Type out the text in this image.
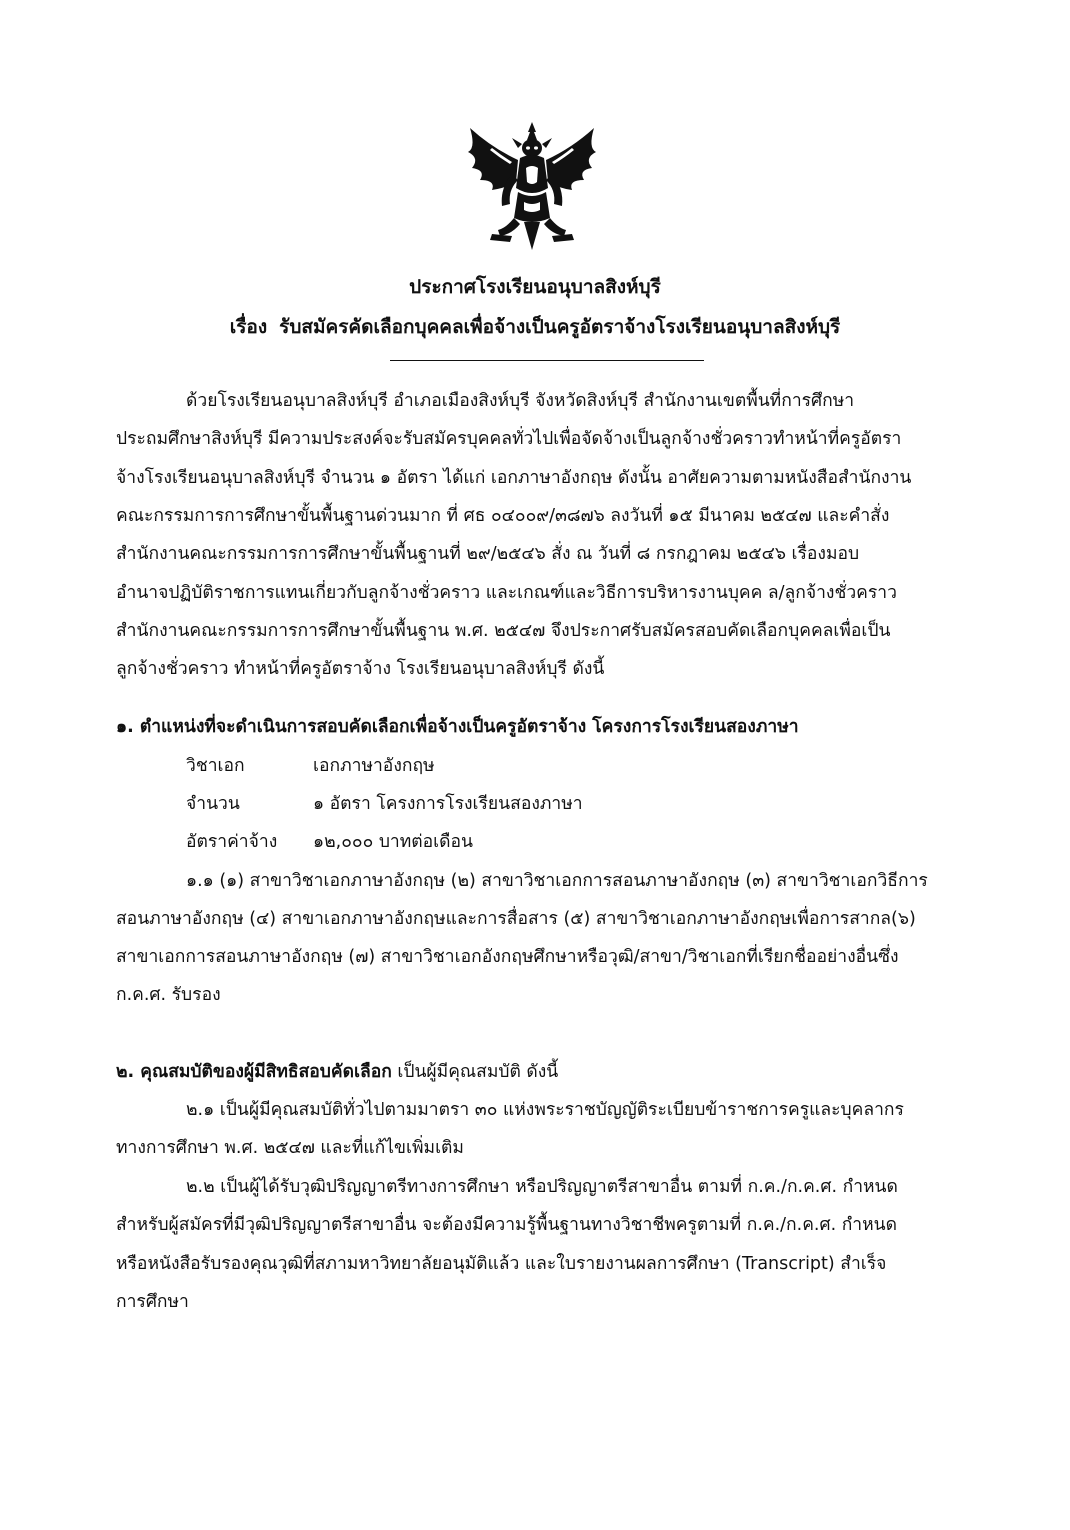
ประกาศโรงเรียนอนุบาลสิงห์บุรี
เรื่อง รับสมัครคัดเลือกบุคคลเพื่อจ้างเป็นครูอัตราจ้างโรงเรียนอนุบาลสิงห์บุรี
ด้วยโรงเรียนอนุบาลสิงห์บุรี อำเภอเมืองสิงห์บุรี จังหวัดสิงห์บุรี สำนักงานเขตพื้นที่การศึกษา
ประถมศึกษาสิงห์บุรี มีความประสงค์จะรับสมัครบุคคลทั่วไปเพื่อจัดจ้างเป็นลูกจ้างชั่วคราวทำหน้าที่ครูอัตรา
จ้างโรงเรียนอนุบาลสิงห์บุรี จำนวน ๑ อัตรา ได้แก่ เอกภาษาอังกฤษ ดังนั้น อาศัยความตามหนังสือสำนักงาน
คณะกรรมการการศึกษาขั้นพื้นฐานด่วนมาก ที่ ศธ ๐๔๐๐๙/๓๘๗๖ ลงวันที่ ๑๕ มีนาคม ๒๕๔๗ และคำสั่ง
สำนักงานคณะกรรมการการศึกษาขั้นพื้นฐานที่ ๒๙/๒๕๔๖ สั่ง ณ วันที่ ๘ กรกฎาคม ๒๕๔๖ เรื่องมอบ
อำนาจปฏิบัติราชการแทนเกี่ยวกับลูกจ้างชั่วคราว และเกณฑ์และวิธีการบริหารงานบุคค ล/ลูกจ้างชั่วคราว
สำนักงานคณะกรรมการการศึกษาขั้นพื้นฐาน พ.ศ. ๒๕๔๗ จึงประกาศรับสมัครสอบคัดเลือกบุคคลเพื่อเป็น
ลูกจ้างชั่วคราว ทำหน้าที่ครูอัตราจ้าง โรงเรียนอนุบาลสิงห์บุรี ดังนี้
๑. ตำแหน่งที่จะดำเนินการสอบคัดเลือกเพื่อจ้างเป็นครูอัตราจ้าง โครงการโรงเรียนสองภาษา
วิชาเอก	เอกภาษาอังกฤษ
จำนวน	๑ อัตรา โครงการโรงเรียนสองภาษา
อัตราค่าจ้าง ๑๒,๐๐๐ บาทต่อเดือน
๑.๑ (๑) สาขาวิชาเอกภาษาอังกฤษ (๒) สาขาวิชาเอกการสอนภาษาอังกฤษ (๓) สาขาวิชาเอกวิธีการ
สอนภาษาอังกฤษ (๔) สาขาเอกภาษาอังกฤษและการสื่อสาร (๕) สาขาวิชาเอกภาษาอังกฤษเพื่อการสากล(๖)
สาขาเอกการสอนภาษาอังกฤษ (๗) สาขาวิชาเอกอังกฤษศึกษาหรือวุฒิ/สาขา/วิชาเอกที่เรียกชื่ออย่างอื่นซึ่ง
ก.ค.ศ. รับรอง
๒. คุณสมบัติของผู้มีสิทธิสอบคัดเลือก เป็นผู้มีคุณสมบัติ ดังนี้
๒.๑ เป็นผู้มีคุณสมบัติทั่วไปตามมาตรา ๓๐ แห่งพระราชบัญญัติระเบียบข้าราชการครูและบุคลากร
ทางการศึกษา พ.ศ. ๒๕๔๗ และที่แก้ไขเพิ่มเติม
๒.๒ เป็นผู้ได้รับวุฒิปริญญาตรีทางการศึกษา หรือปริญญาตรีสาขาอื่น ตามที่ ก.ค./ก.ค.ศ. กำหนด
สำหรับผู้สมัครที่มีวุฒิปริญญาตรีสาขาอื่น จะต้องมีความรู้พื้นฐานทางวิชาชีพครูตามที่ ก.ค./ก.ค.ศ. กำหนด
หรือหนังสือรับรองคุณวุฒิที่สภามหาวิทยาลัยอนุมัติแล้ว และใบรายงานผลการศึกษา (Transcript) สำเร็จ
การศึกษา
